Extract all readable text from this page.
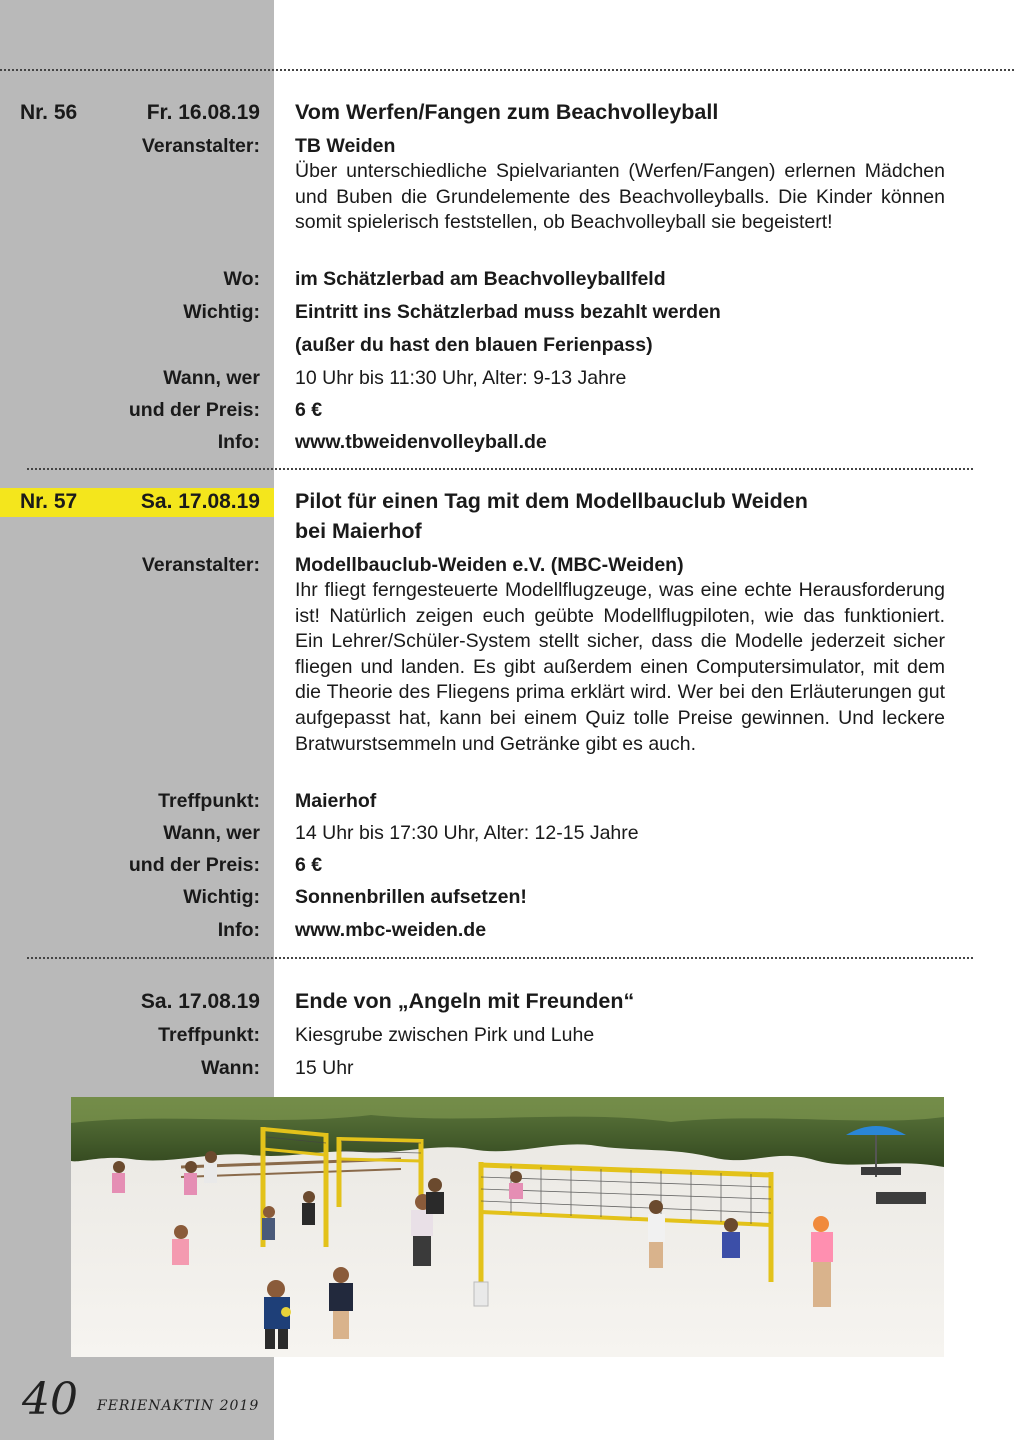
Nr. 56	Fr. 16.08.19 Vom Werfen/Fangen zum Beachvolleyball
Veranstalter: TB Weiden

Über unterschiedliche Spielvarianten (Werfen/Fangen) erlernen Mädchen und Buben die Grundelemente des Beachvolleyballs. Die Kinder können somit spielerisch feststellen, ob Beachvolleyball sie begeistert!

Wo: im Schätzlerbad am Beachvolleyballfeld
Wichtig: Eintritt ins Schätzlerbad muss bezahlt werden
(außer du hast den blauen Ferienpass)
Wann, wer 10 Uhr bis 11:30 Uhr, Alter: 9-13 Jahre
und der Preis: 6 €
Info: www.tbweidenvolleyball.de
Nr. 57	Sa. 17.08.19 Pilot für einen Tag mit dem Modellbauclub Weiden
bei Maierhof
Veranstalter: Modellbauclub-Weiden e.V. (MBC-Weiden)

Ihr fliegt ferngesteuerte Modellflugzeuge, was eine echte Herausforderung ist! Natürlich zeigen euch geübte Modellflugpiloten, wie das funktioniert. Ein Lehrer/Schüler-System stellt sicher, dass die Modelle jederzeit sicher fliegen und landen. Es gibt außerdem einen Computersimulator, mit dem die Theorie des Fliegens prima erklärt wird. Wer bei den Erläuterungen gut aufgepasst hat, kann bei einem Quiz tolle Preise gewinnen. Und leckere Bratwurstsemmeln und Getränke gibt es auch.

Treffpunkt: Maierhof
Wann, wer 14 Uhr bis 17:30 Uhr, Alter: 12-15 Jahre
und der Preis: 6 €
Wichtig: Sonnenbrillen aufsetzen!
Info: www.mbc-weiden.de
Sa. 17.08.19 Ende von „Angeln mit Freunden“
Treffpunkt: Kiesgrube zwischen Pirk und Luhe
Wann: 15 Uhr
40 FERIENAKTIN 2019
